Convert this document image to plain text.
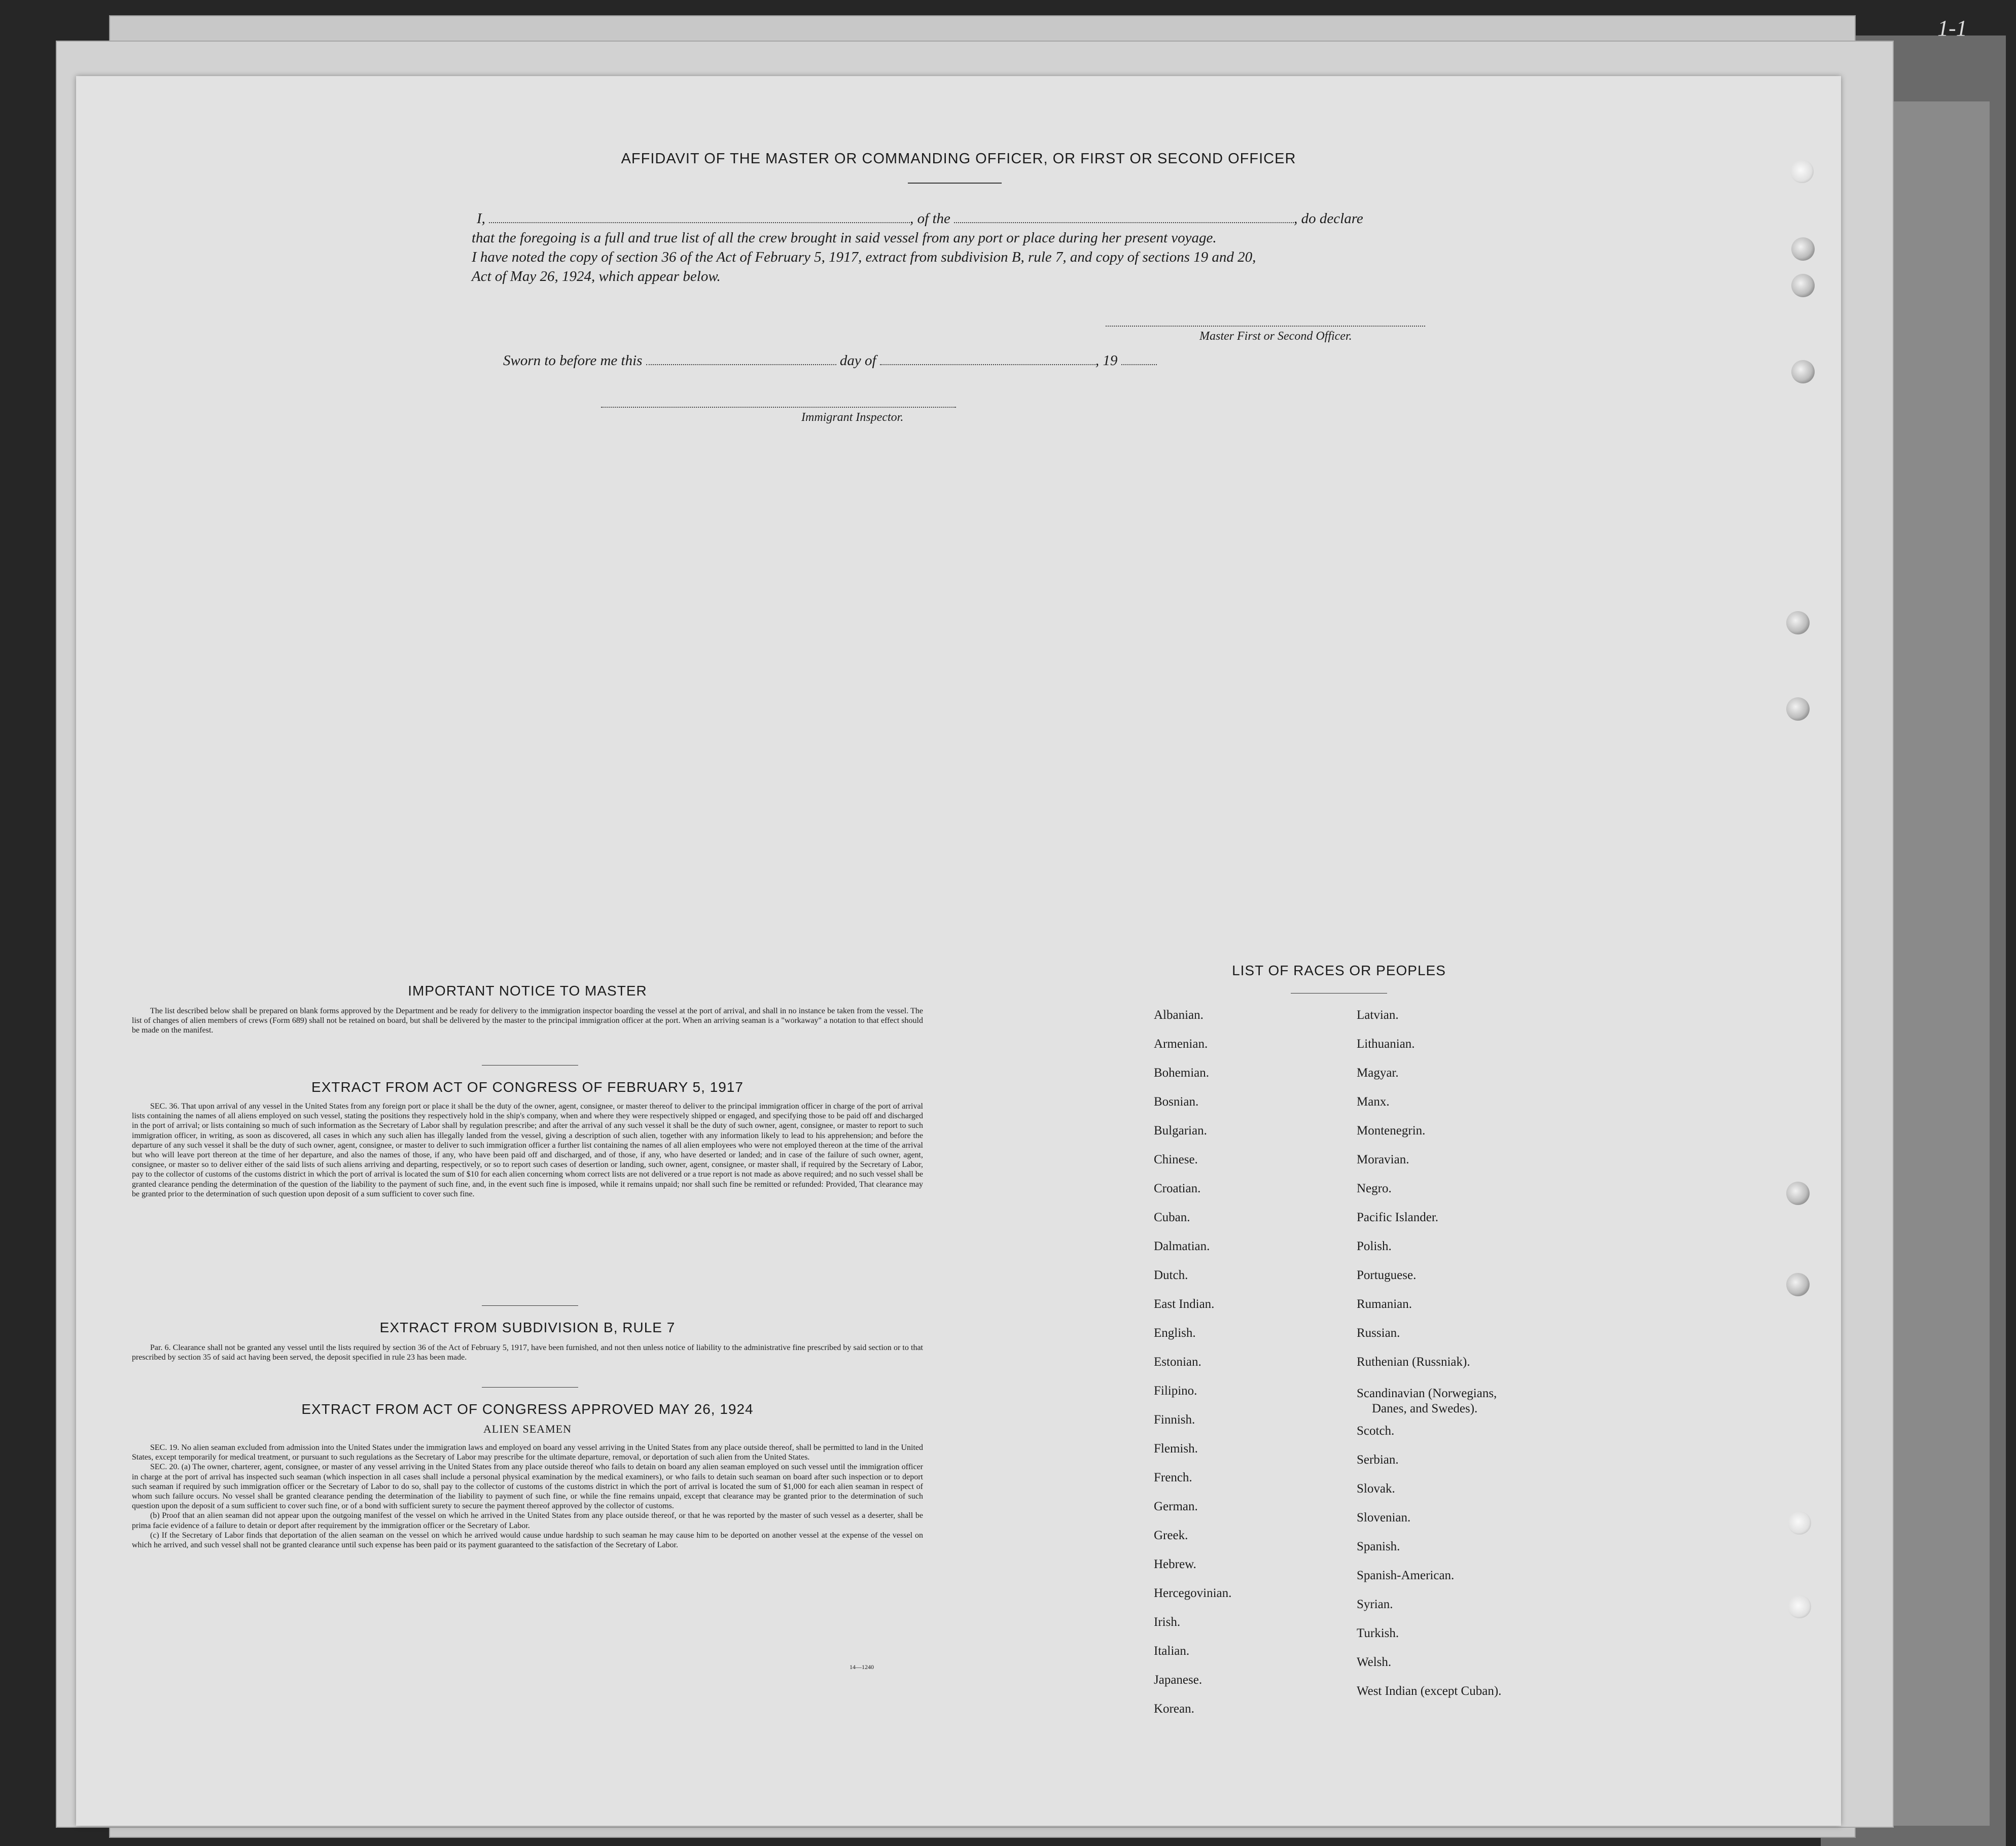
1-1
AFFIDAVIT OF THE MASTER OR COMMANDING OFFICER, OR FIRST OR SECOND OFFICER
I,	, of the	, do declare
that the foregoing is a full and true list of all the crew brought in said vessel from any port or place during her present voyage.
I have noted the copy of section 36 of the Act of February 5, 1917, extract from subdivision B, rule 7, and copy of sections 19 and 20,
Act of May 26, 1924, which appear below.
Master First or Second Officer.
Sworn to before me this	day of	, 19
Immigrant Inspector.
IMPORTANT NOTICE TO MASTER

The list described below shall be prepared on blank forms approved by the Department and be ready for delivery to the immigration inspector boarding the vessel at the port of arrival, and shall in no instance be taken from the vessel. The list of changes of alien members of crews (Form 689) shall not be retained on board, but shall be delivered by the master to the principal immigration officer at the port. When an arriving seaman is a "workaway" a notation to that effect should be made on the manifest.

EXTRACT FROM ACT OF CONGRESS OF FEBRUARY 5, 1917

SEC. 36. That upon arrival of any vessel in the United States from any foreign port or place it shall be the duty of the owner, agent, consignee, or master thereof to deliver to the principal immigration officer in charge of the port of arrival lists containing the names of all aliens employed on such vessel, stating the positions they respectively hold in the ship's company, when and where they were respectively shipped or engaged, and specifying those to be paid off and discharged in the port of arrival; or lists containing so much of such information as the Secretary of Labor shall by regulation prescribe; and after the arrival of any such vessel it shall be the duty of such owner, agent, consignee, or master to report to such immigration officer, in writing, as soon as discovered, all cases in which any such alien has illegally landed from the vessel, giving a description of such alien, together with any information likely to lead to his apprehension; and before the departure of any such vessel it shall be the duty of such owner, agent, consignee, or master to deliver to such immigration officer a further list containing the names of all alien employees who were not employed thereon at the time of the arrival but who will leave port thereon at the time of her departure, and also the names of those, if any, who have been paid off and discharged, and of those, if any, who have deserted or landed; and in case of the failure of such owner, agent, consignee, or master so to deliver either of the said lists of such aliens arriving and departing, respectively, or so to report such cases of desertion or landing, such owner, agent, consignee, or master shall, if required by the Secretary of Labor, pay to the collector of customs of the customs district in which the port of arrival is located the sum of $10 for each alien concerning whom correct lists are not delivered or a true report is not made as above required; and no such vessel shall be granted clearance pending the determination of the question of the liability to the payment of such fine, and, in the event such fine is imposed, while it remains unpaid; nor shall such fine be remitted or refunded: Provided, That clearance may be granted prior to the determination of such question upon deposit of a sum sufficient to cover such fine.

EXTRACT FROM SUBDIVISION B, RULE 7

Par. 6. Clearance shall not be granted any vessel until the lists required by section 36 of the Act of February 5, 1917, have been furnished, and not then unless notice of liability to the administrative fine prescribed by said section or to that prescribed by section 35 of said act having been served, the deposit specified in rule 23 has been made.

EXTRACT FROM ACT OF CONGRESS APPROVED MAY 26, 1924
ALIEN SEAMEN

SEC. 19. No alien seaman excluded from admission into the United States under the immigration laws and employed on board any vessel arriving in the United States from any place outside thereof, shall be permitted to land in the United States, except temporarily for medical treatment, or pursuant to such regulations as the Secretary of Labor may prescribe for the ultimate departure, removal, or deportation of such alien from the United States.

SEC. 20. (a) The owner, charterer, agent, consignee, or master of any vessel arriving in the United States from any place outside thereof who fails to detain on board any alien seaman employed on such vessel until the immigration officer in charge at the port of arrival has inspected such seaman (which inspection in all cases shall include a personal physical examination by the medical examiners), or who fails to detain such seaman on board after such inspection or to deport such seaman if required by such immigration officer or the Secretary of Labor to do so, shall pay to the collector of customs of the customs district in which the port of arrival is located the sum of $1,000 for each alien seaman in respect of whom such failure occurs. No vessel shall be granted clearance pending the determination of the liability to payment of such fine, or while the fine remains unpaid, except that clearance may be granted prior to the determination of such question upon the deposit of a sum sufficient to cover such fine, or of a bond with sufficient surety to secure the payment thereof approved by the collector of customs.

(b) Proof that an alien seaman did not appear upon the outgoing manifest of the vessel on which he arrived in the United States from any place outside thereof, or that he was reported by the master of such vessel as a deserter, shall be prima facie evidence of a failure to detain or deport after requirement by the immigration officer or the Secretary of Labor.

(c) If the Secretary of Labor finds that deportation of the alien seaman on the vessel on which he arrived would cause undue hardship to such seaman he may cause him to be deported on another vessel at the expense of the vessel on which he arrived, and such vessel shall not be granted clearance until such expense has been paid or its payment guaranteed to the satisfaction of the Secretary of Labor.

14—1240
LIST OF RACES OR PEOPLES
Albanian.
Armenian.
Bohemian.
Bosnian.
Bulgarian.
Chinese.
Croatian.
Cuban.
Dalmatian.
Dutch.
East Indian.
English.
Estonian.
Filipino.
Finnish.
Flemish.
French.
German.
Greek.
Hebrew.
Hercegovinian.
Irish.
Italian.
Japanese.
Korean.
Latvian.
Lithuanian.
Magyar.
Manx.
Montenegrin.
Moravian.
Negro.
Pacific Islander.
Polish.
Portuguese.
Rumanian.
Russian.
Ruthenian (Russniak).
Scandinavian (Norwegians,
Danes, and Swedes).
Scotch.
Serbian.
Slovak.
Slovenian.
Spanish.
Spanish-American.
Syrian.
Turkish.
Welsh.
West Indian (except Cuban).
